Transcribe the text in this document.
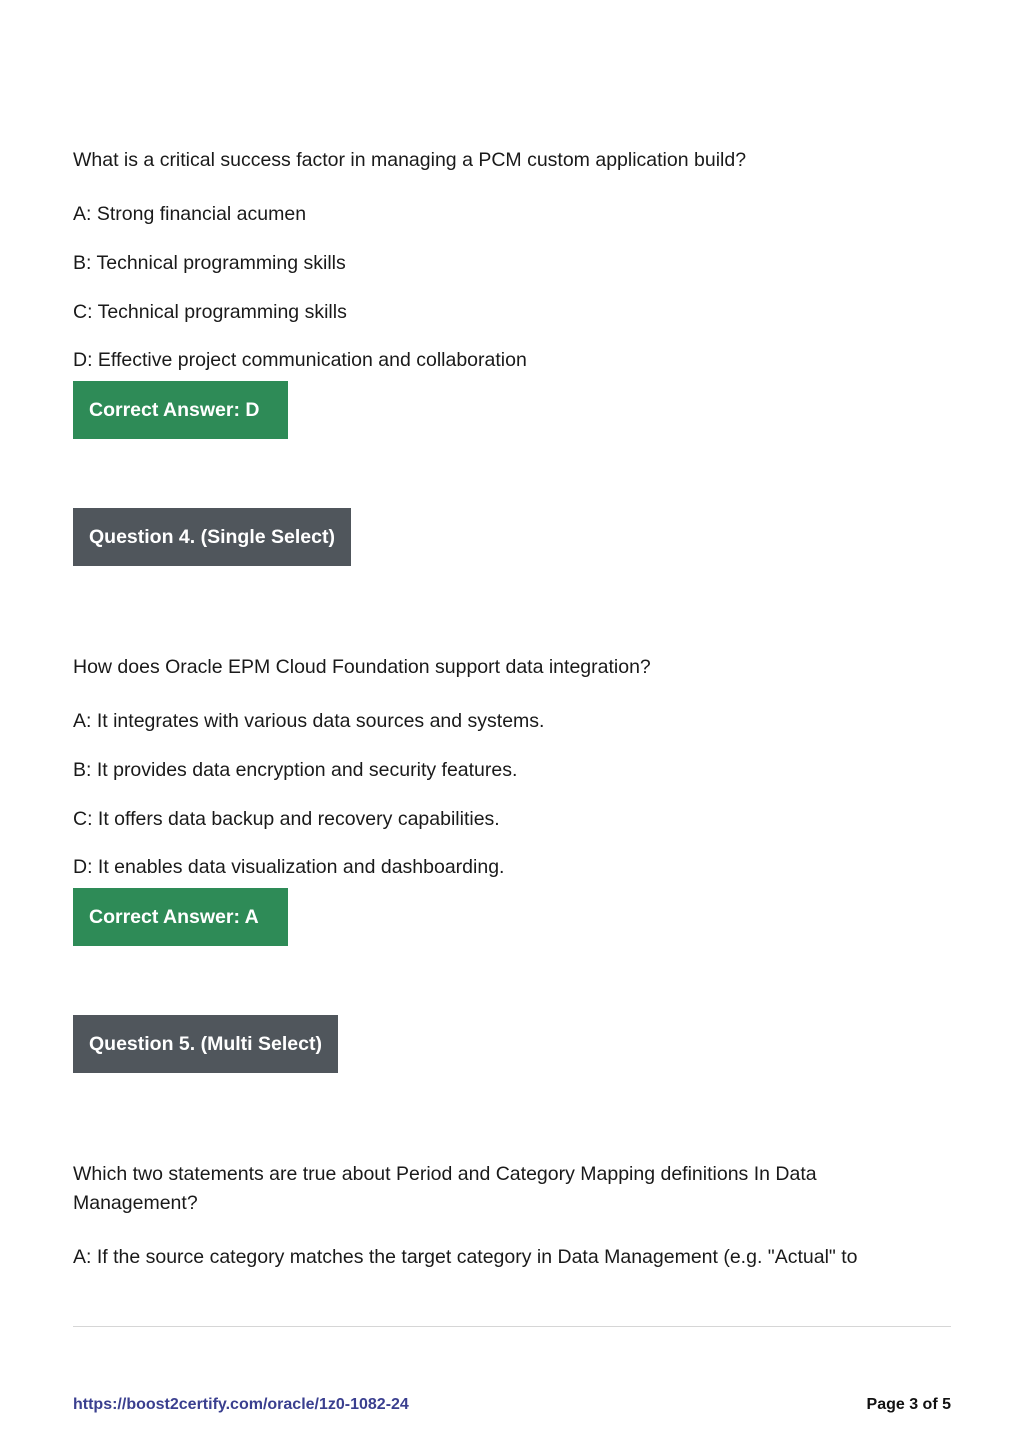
What is a critical success factor in managing a PCM custom application build?
A: Strong financial acumen
B: Technical programming skills
C: Technical programming skills
D: Effective project communication and collaboration
Correct Answer: D
Question 4. (Single Select)
How does Oracle EPM Cloud Foundation support data integration?
A: It integrates with various data sources and systems.
B: It provides data encryption and security features.
C: It offers data backup and recovery capabilities.
D: It enables data visualization and dashboarding.
Correct Answer: A
Question 5. (Multi Select)
Which two statements are true about Period and Category Mapping definitions In Data Management?
A: If the source category matches the target category in Data Management (e.g. "Actual" to
https://boost2certify.com/oracle/1z0-1082-24	Page 3 of 5
